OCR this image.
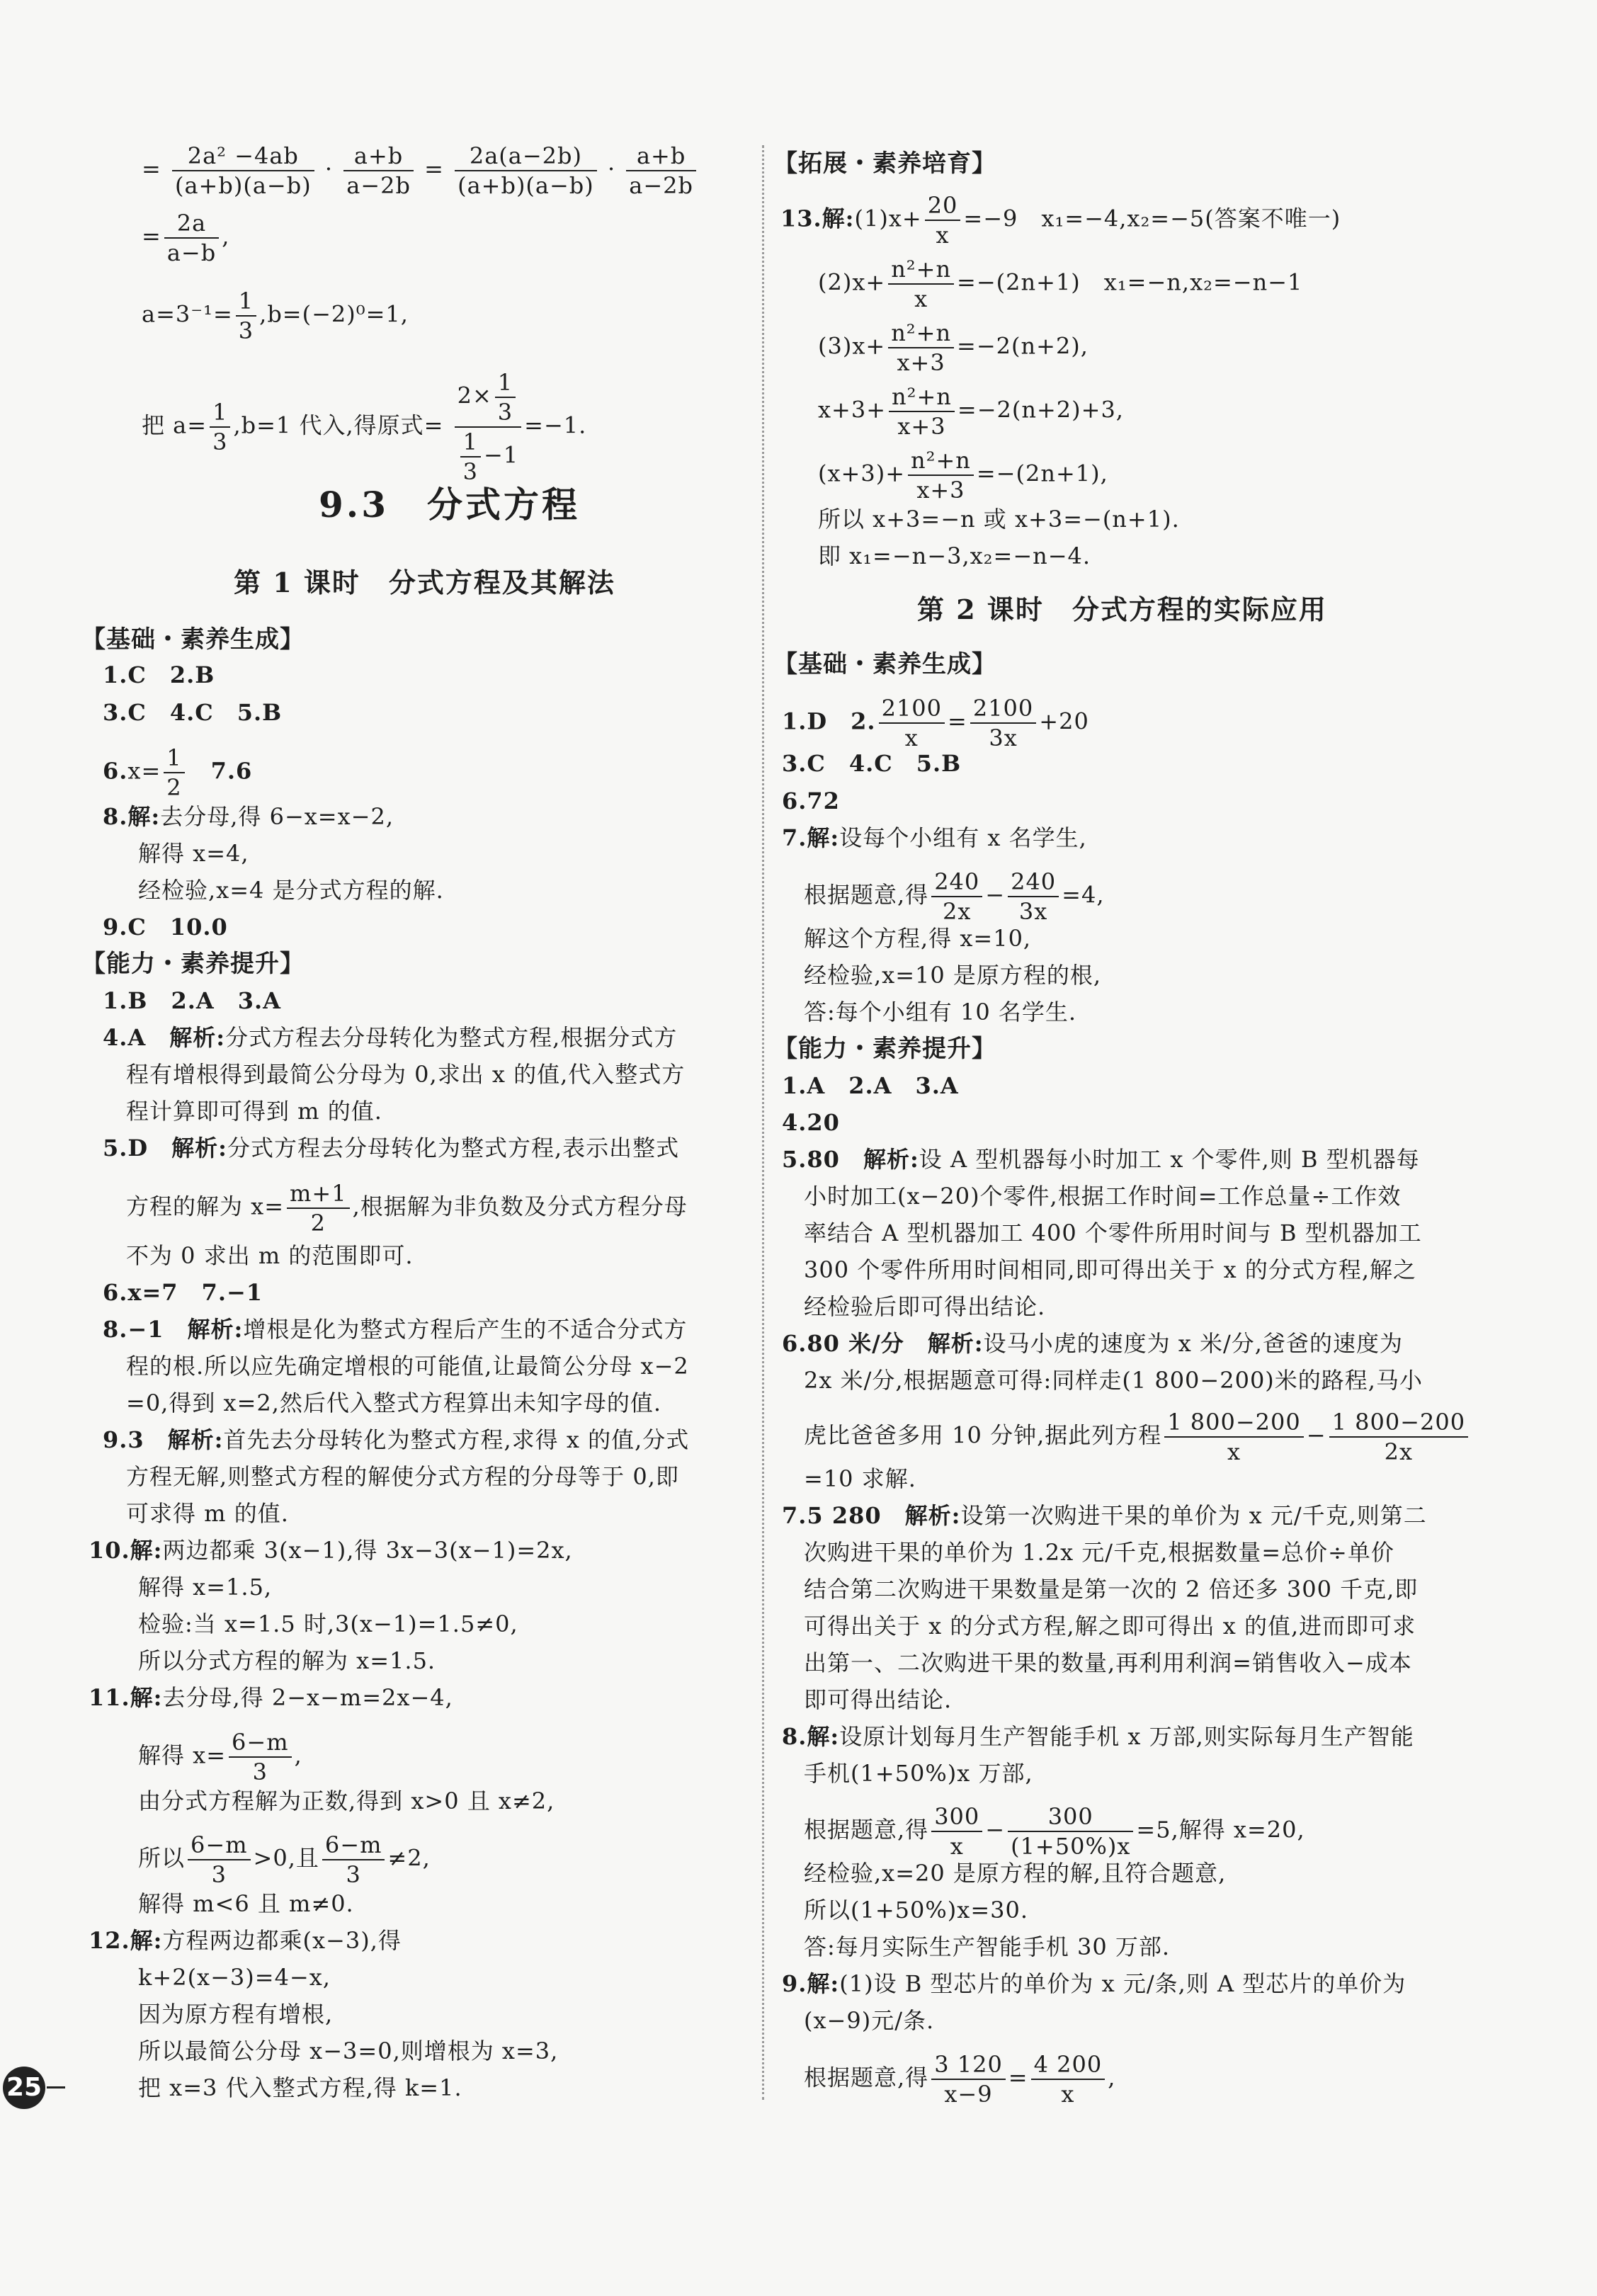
= $\frac{\text{2a² −4ab}}{(a+b)(a-b)} \cdot \frac{a+b}{a-2b} = \frac{2a(a-2b)}{(a+b)(a-b)} \cdot \frac{a+b}{a-2b}$
= $\frac{2a}{a-b}$ ,
$a=3^{-1}= \frac{1}{3} ,b=(-2)^0=1$,
把 $a= \frac{1}{3} ,b=1$ 代入,得原式= $\frac{2\times \frac{1}{3}}{\frac{1}{3} -1} =-1$.
9.3　分式方程
第 1 课时　分式方程及其解法
【基础・素养生成】
1.C　2.B
3.C　4.C　5.B
$6.x= \frac{1}{2}$ 　7.6
8.解:去分母,得 6−x=x−2,
解得 x=4,
经检验,x=4 是分式方程的解.
9.C　10.0
【能力・素养提升】
1.B　2.A　3.A
4.A　解析:分式方程去分母转化为整式方程,根据分式方
程有增根得到最简公分母为 0,求出 x 的值,代入整式方
程计算即可得到 m 的值.
5.D　解析:分式方程去分母转化为整式方程,表示出整式
方程的解为 $x= \frac{m+1}{2}$ ,根据解为非负数及分式方程分母
不为 0 求出 m 的范围即可.
6.x=7　7.−1
8.−1　解析:增根是化为整式方程后产生的不适合分式方
程的根.所以应先确定增根的可能值,让最简公分母 x−2
=0,得到 x=2,然后代入整式方程算出未知字母的值.
9.3　解析:首先去分母转化为整式方程,求得 x 的值,分式
方程无解,则整式方程的解使分式方程的分母等于 0,即
可求得 m 的值.
10.解:两边都乘 3(x−1),得 3x−3(x−1)=2x,
解得 x=1.5,
检验:当 x=1.5 时,3(x−1)=1.5≠0,
所以分式方程的解为 x=1.5.
11.解:去分母,得 2−x−m=2x−4,
解得 $x= \frac{6-m}{3}$ ,
由分式方程解为正数,得到 x>0 且 x≠2,
所以 $\frac{6-m}{3} >0$,且 $\frac{6-m}{3} \ne 2$,
解得 m<6 且 m≠0.
12.解:方程两边都乘(x−3),得
k+2(x−3)=4−x,
因为原方程有增根,
所以最简公分母 x−3=0,则增根为 x=3,
把 x=3 代入整式方程,得 k=1.
【拓展・素养培育】
13.解:(1)x+ $\frac{20}{x} =-9$　x₁=−4,x₂=−5(答案不唯一)
$(2)x+ \frac{\text{n²+n}}{x} =-(2n+1)$　x₁=−n,x₂=−n−1
$(3)x+ \frac{\text{n²+n}}{x+3} =-2(n+2)$,
$x+3+ \frac{\text{n²+n}}{x+3} =-2(n+2)+3$,
$(x+3)+ \frac{\text{n²+n}}{x+3} =-(2n+1)$,
所以 x+3=−n 或 x+3=−(n+1).
即 x₁=−n−3,x₂=−n−4.
第 2 课时　分式方程的实际应用
【基础・素养生成】
1.D　2. $\frac{2100}{x} = \frac{2100}{3x} +20$
3.C　4.C　5.B
6.72
7.解:设每个小组有 x 名学生,
根据题意,得 $\frac{240}{2x} - \frac{240}{3x} =4$,
解这个方程,得 x=10,
经检验,x=10 是原方程的根,
答:每个小组有 10 名学生.
【能力・素养提升】
1.A　2.A　3.A
4.20
5.80　解析:设 A 型机器每小时加工 x 个零件,则 B 型机器每
小时加工(x−20)个零件,根据工作时间=工作总量÷工作效
率结合 A 型机器加工 400 个零件所用时间与 B 型机器加工
300 个零件所用时间相同,即可得出关于 x 的分式方程,解之
经检验后即可得出结论.
6.80 米/分　解析:设马小虎的速度为 x 米/分,爸爸的速度为
2x 米/分,根据题意可得:同样走(1 800−200)米的路程,马小
虎比爸爸多用 10 分钟,据此列方程 $\frac{1 800-200}{x} - \frac{1 800-200}{2x}$
=10 求解.
7.5 280　解析:设第一次购进干果的单价为 x 元/千克,则第二
次购进干果的单价为 1.2x 元/千克,根据数量=总价÷单价
结合第二次购进干果数量是第一次的 2 倍还多 300 千克,即
可得出关于 x 的分式方程,解之即可得出 x 的值,进而即可求
出第一、二次购进干果的数量,再利用利润=销售收入−成本
即可得出结论.
8.解:设原计划每月生产智能手机 x 万部,则实际每月生产智能
手机(1+50%)x 万部,
根据题意,得 $\frac{300}{x} - \frac{300}{(1+50\%)x} =5$,解得 x=20,
经检验,x=20 是原方程的解,且符合题意,
所以(1+50%)x=30.
答:每月实际生产智能手机 30 万部.
9.解:(1)设 B 型芯片的单价为 x 元/条,则 A 型芯片的单价为
(x−9)元/条.
根据题意,得 $\frac{3 120}{x-9} = \frac{4 200}{x}$ ,
25
